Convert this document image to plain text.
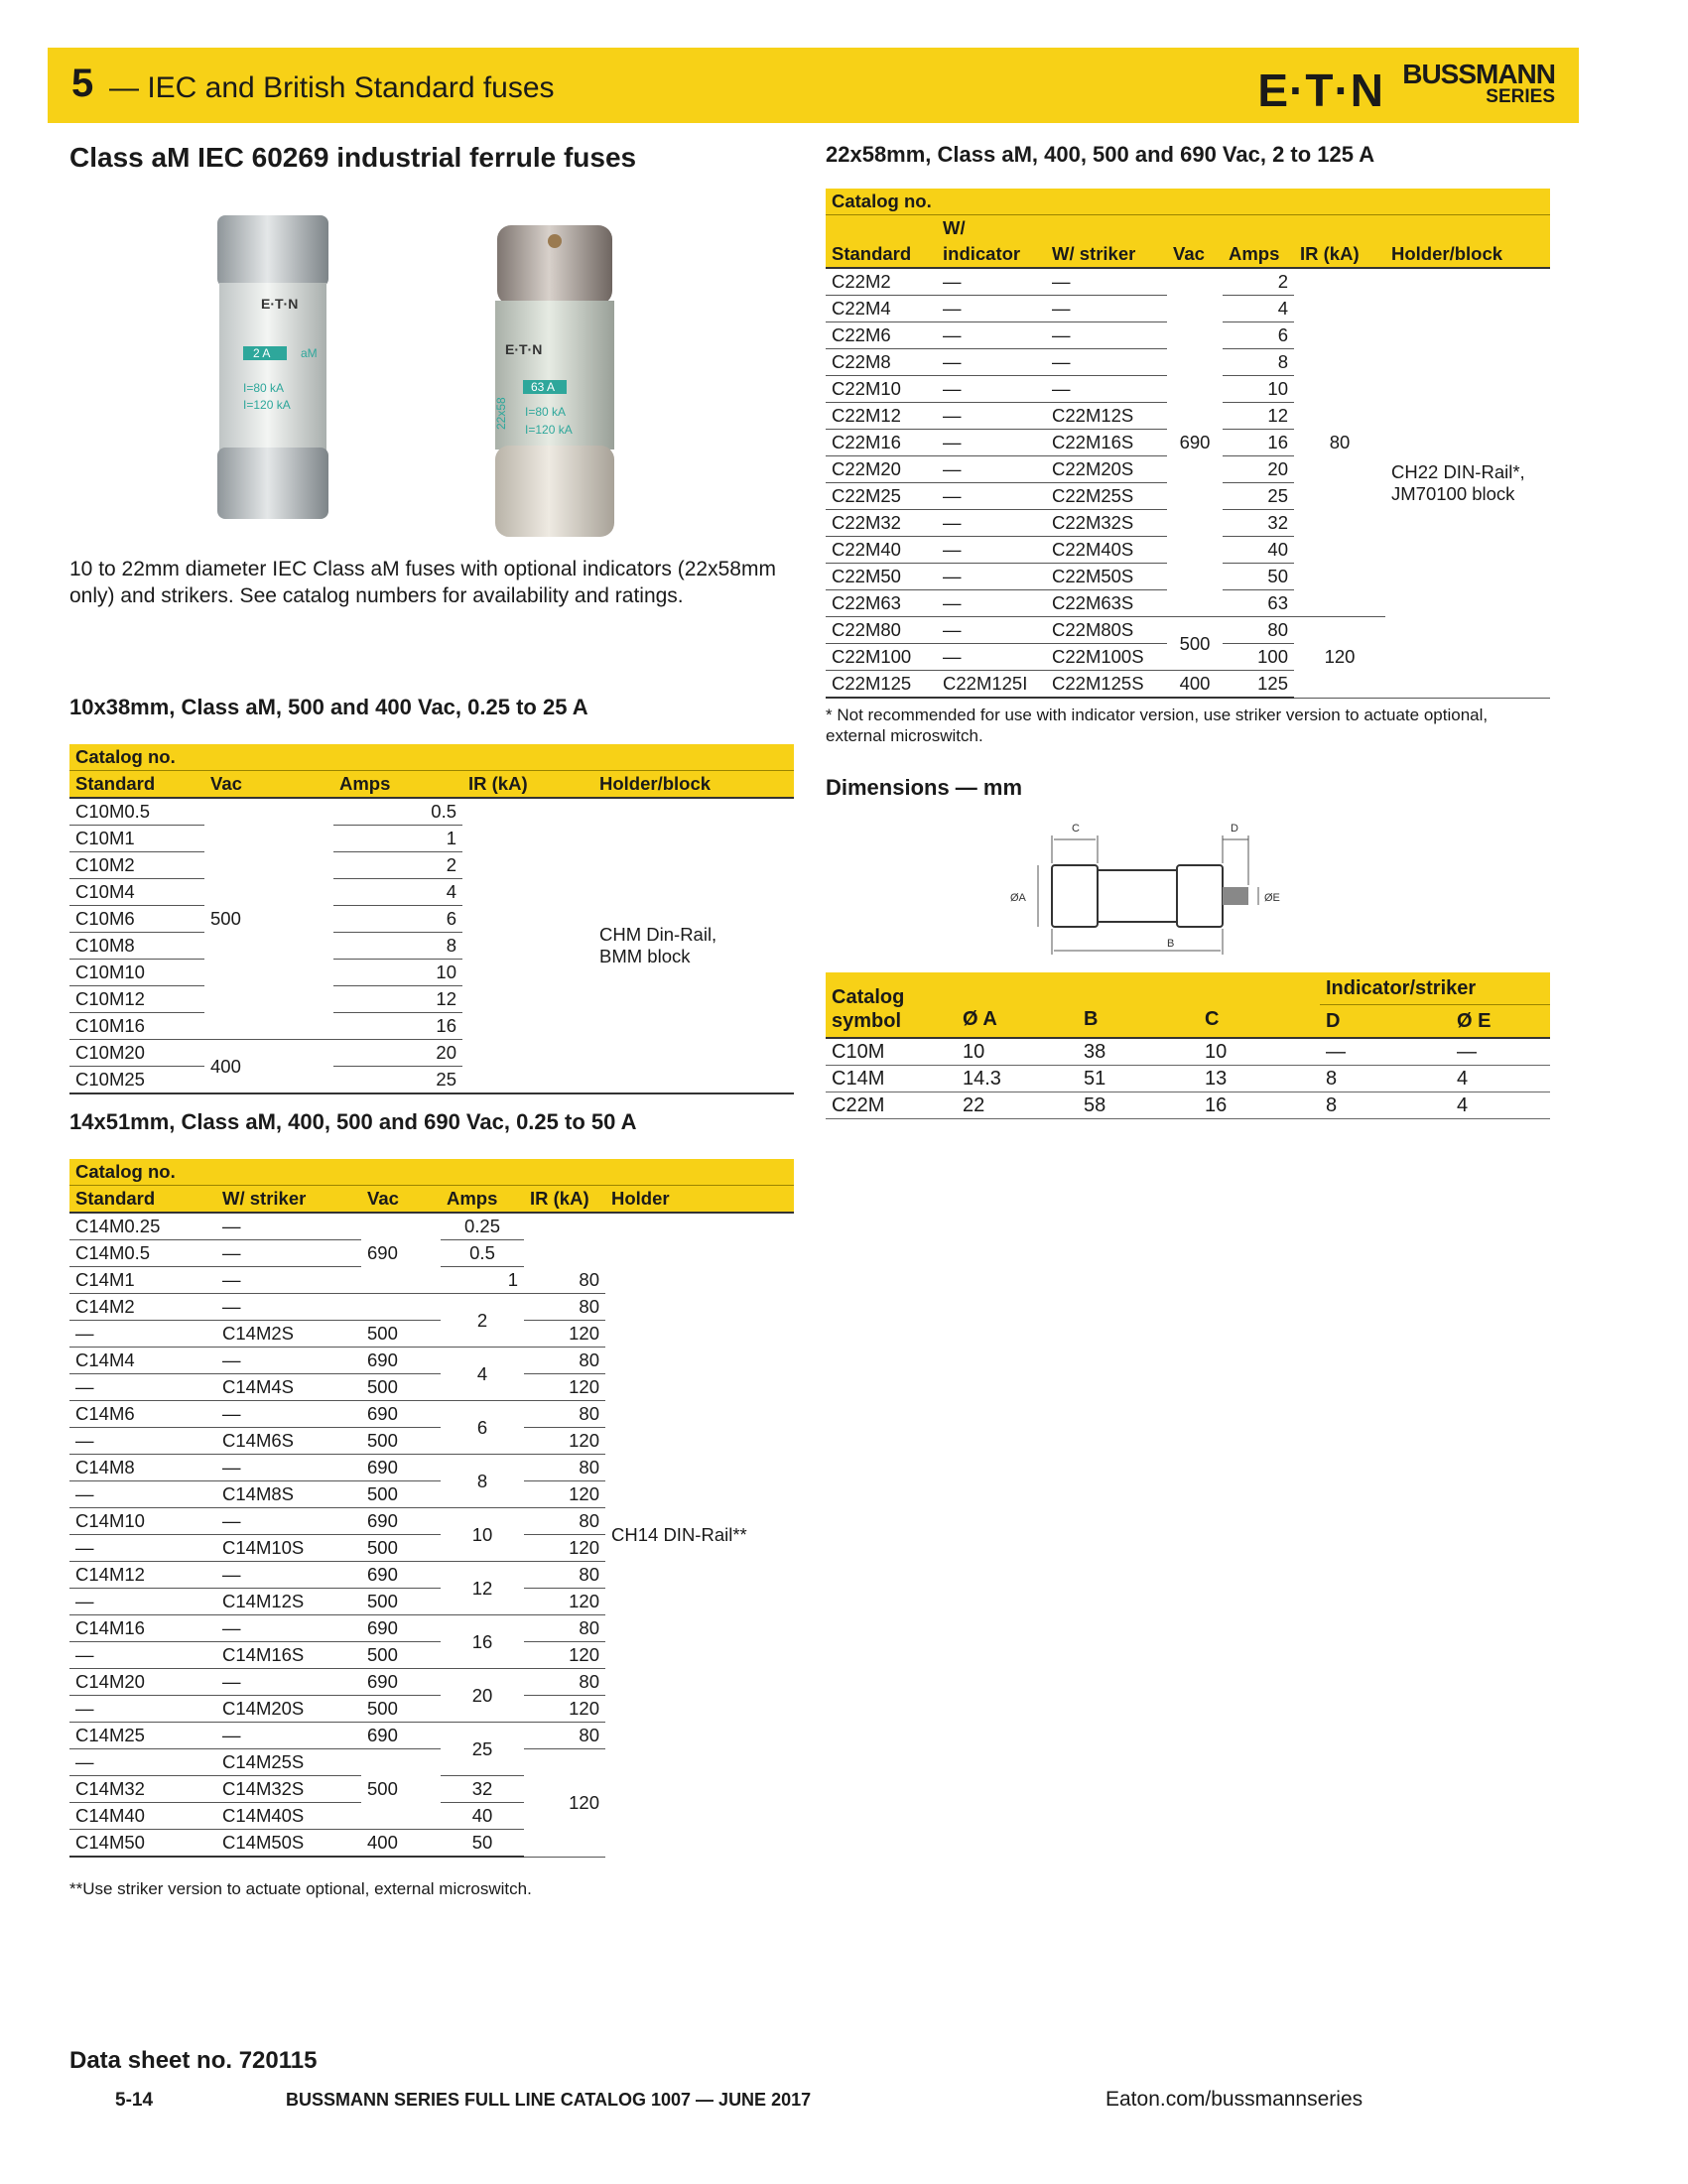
5 — IEC and British Standard fuses	E·T·N BUSSMANN
SERIES
Class aM IEC 60269 industrial ferrule fuses
E·T·N
2 A	aM
I=80 kA
I=120 kA
E·T·N
63 A
I=80 kA
I=120 kA
22x58

10 to 22mm diameter IEC Class aM fuses with optional indicators (22x58mm only) and strikers. See catalog numbers for availability and ratings.

10x38mm, Class aM, 500 and 400 Vac, 0.25 to 25 A
Catalog no.				
Standard	Vac	Amps	IR (kA)	Holder/block
C10M0.5	500	0.5		CHM Din-Rail,
BMM block
C10M1		1		
C10M2		2		
C10M4		4		
C10M6		6		
C10M8		8		
C10M10		10		
C10M12		12		
C10M16		16		
C10M20	400	20		
C10M25		25		
14x51mm, Class aM, 400, 500 and 690 Vac, 0.25 to 50 A
Catalog no.					
Standard	W/ striker	Vac	Amps	IR (kA)	Holder
C14M0.25	—	690	0.25		CH14 DIN-Rail**
C14M0.5	—		0.5		
C14M1	—		1	80	
C14M2	—		2	80	
—	C14M2S	500		120	
C14M4	—	690	4	80	
—	C14M4S	500		120	
C14M6	—	690	6	80	
—	C14M6S	500		120	
C14M8	—	690	8	80	
—	C14M8S	500		120	
C14M10	—	690	10	80	
—	C14M10S	500		120	
C14M12	—	690	12	80	
—	C14M12S	500		120	
C14M16	—	690	16	80	
—	C14M16S	500		120	
C14M20	—	690	20	80	
—	C14M20S	500		120	
C14M25	—	690	25	80	
—	C14M25S	500		120	
C14M32	C14M32S		32		
C14M40	C14M40S		40		
C14M50	C14M50S	400	50		
**Use striker version to actuate optional, external microswitch.
22x58mm, Class aM, 400, 500 and 690 Vac, 2 to 125 A
Catalog no.						
	W/					
Standard	indicator	W/ striker	Vac	Amps	IR (kA)	Holder/block
C22M2	—	—	690	2	80	CH22 DIN-Rail*,
JM70100 block
C22M4	—	—		4		
C22M6	—	—		6		
C22M8	—	—		8		
C22M10	—	—		10		
C22M12	—	C22M12S		12		
C22M16	—	C22M16S		16		
C22M20	—	C22M20S		20		
C22M25	—	C22M25S		25		
C22M32	—	C22M32S		32		
C22M40	—	C22M40S		40		
C22M50	—	C22M50S		50		
C22M63	—	C22M63S		63		
C22M80	—	C22M80S	500	80	120	
C22M100	—	C22M100S		100		
C22M125	C22M125I	C22M125S	400	125		
* Not recommended for use with indicator version, use striker version to actuate optional, external microswitch.
Dimensions — mm
C	D
ØA	ØE
B
Catalog
symbol	Ø A	B	C	Indicator/striker	
				D	Ø E
C10M	10	38	10	—	—
C14M	14.3	51	13	8	4
C22M	22	58	16	8	4
Data sheet no. 720115
5-14	BUSSMANN SERIES FULL LINE CATALOG 1007 — JUNE 2017	Eaton.com/bussmannseries
